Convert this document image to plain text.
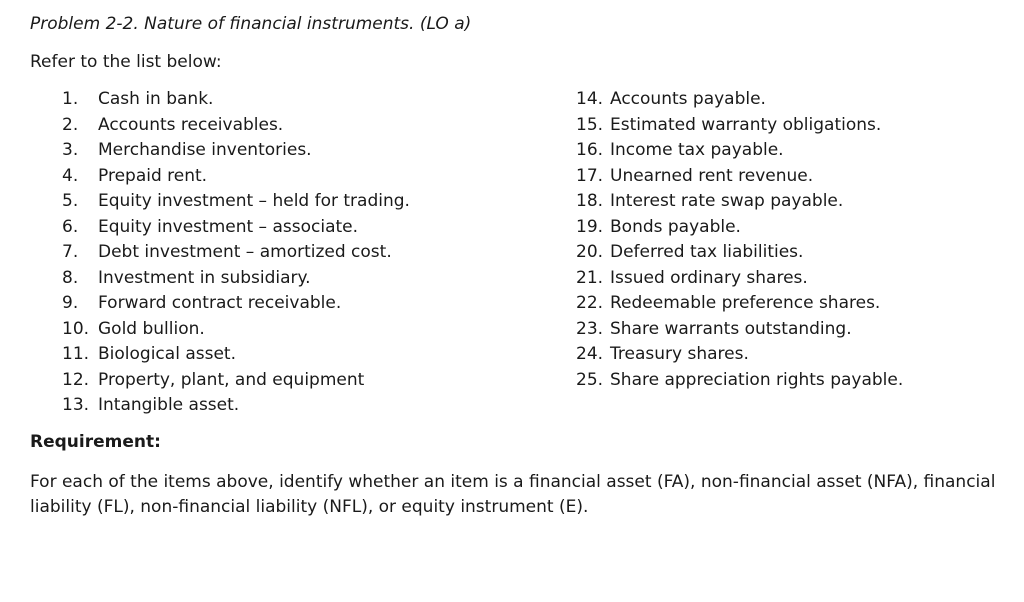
Problem 2-2. Nature of financial instruments. (LO a)
Refer to the list below:
1.	Cash in bank.
2.	Accounts receivables.
3.	Merchandise inventories.
4.	Prepaid rent.
5.	Equity investment – held for trading.
6.	Equity investment – associate.
7.	Debt investment – amortized cost.
8.	Investment in subsidiary.
9.	Forward contract receivable.
10. Gold bullion.
11. Biological asset.
12. Property, plant, and equipment
13. Intangible asset.
14. Accounts payable.
15. Estimated warranty obligations.
16. Income tax payable.
17. Unearned rent revenue.
18. Interest rate swap payable.
19. Bonds payable.
20. Deferred tax liabilities.
21. Issued ordinary shares.
22. Redeemable preference shares.
23. Share warrants outstanding.
24. Treasury shares.
25. Share appreciation rights payable.
Requirement:
For each of the items above, identify whether an item is a financial asset (FA), non-financial asset (NFA), financial liability (FL), non-financial liability (NFL), or equity instrument (E).
